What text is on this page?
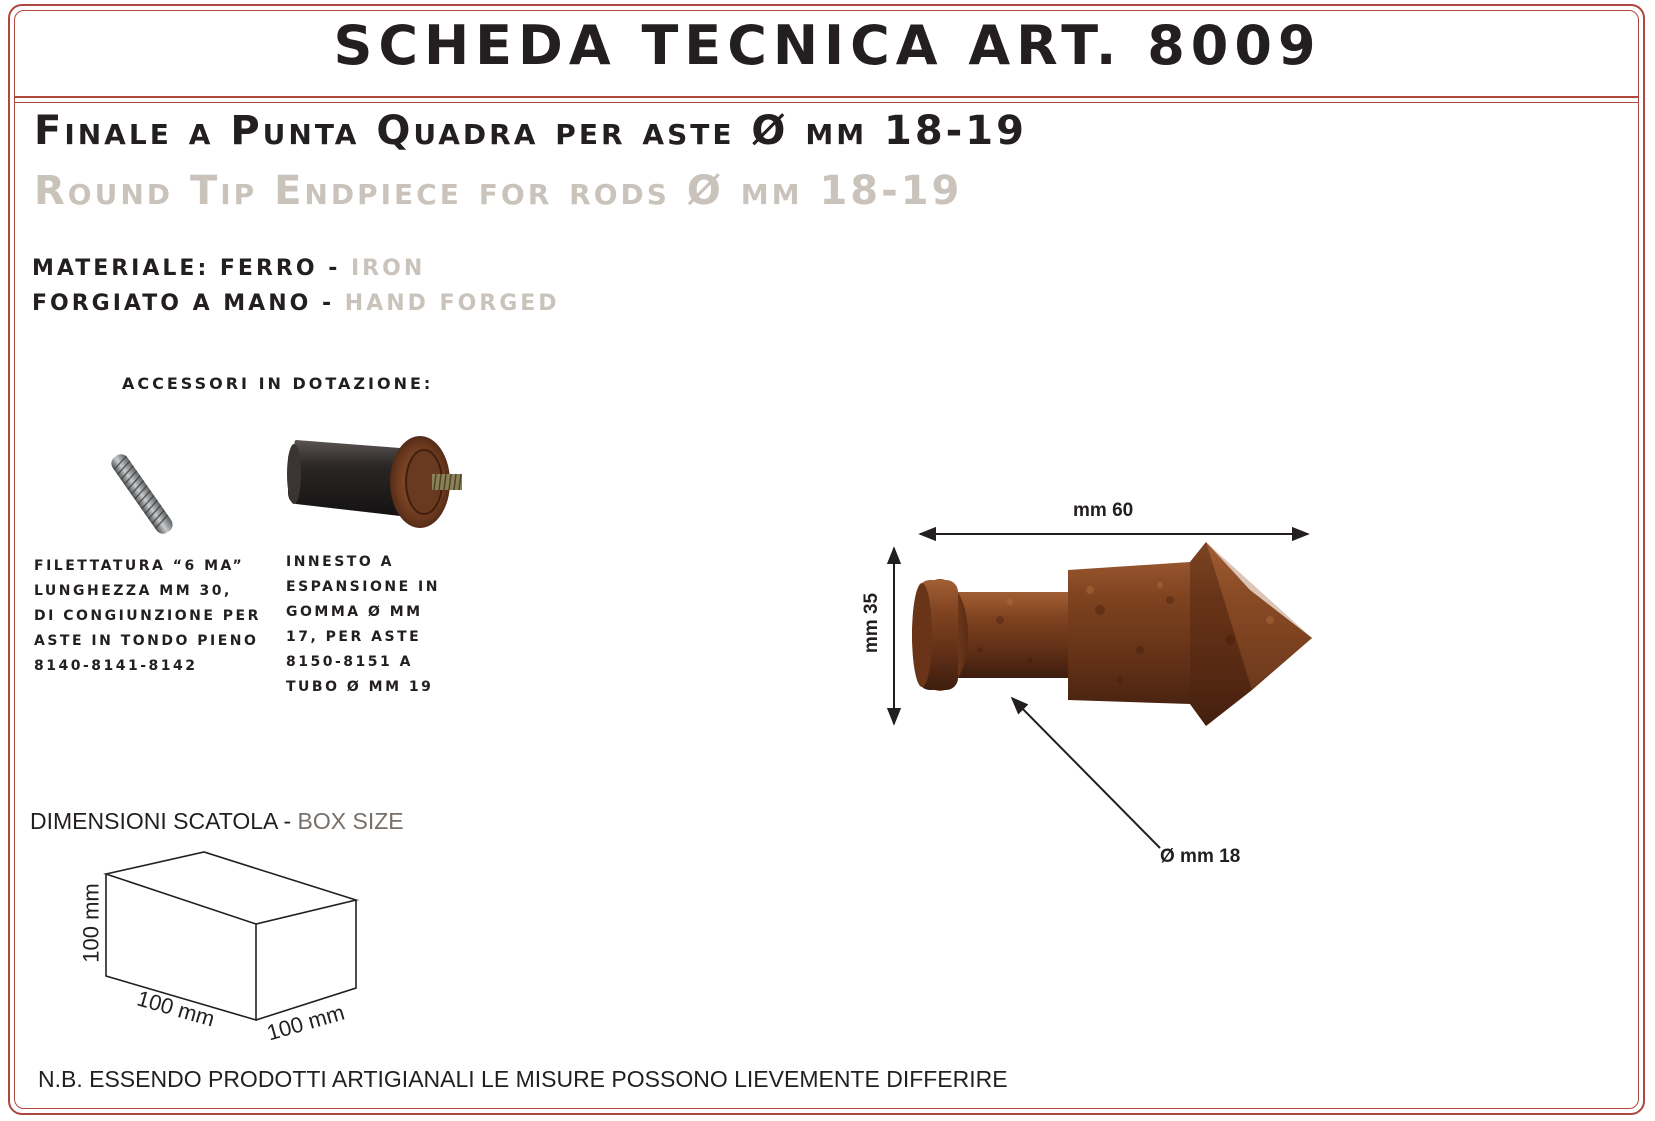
SCHEDA TECNICA ART. 8009
Finale a Punta Quadra per aste Ø mm 18-19
Round Tip Endpiece for rods Ø mm 18-19
MATERIALE: FERRO - IRON
FORGIATO A MANO - HAND FORGED
ACCESSORI IN DOTAZIONE:
FILETTATURA “6 MA”
LUNGHEZZA MM 30,
DI CONGIUNZIONE PER
ASTE IN TONDO PIENO
8140-8141-8142
INNESTO A
ESPANSIONE IN
GOMMA Ø MM
17, PER ASTE
8150-8151 A
TUBO Ø MM 19
mm 60
mm 35
Ø mm 18
DIMENSIONI SCATOLA - BOX SIZE
100 mm
100 mm 100 mm
N.B. ESSENDO PRODOTTI ARTIGIANALI LE MISURE POSSONO LIEVEMENTE DIFFERIRE
